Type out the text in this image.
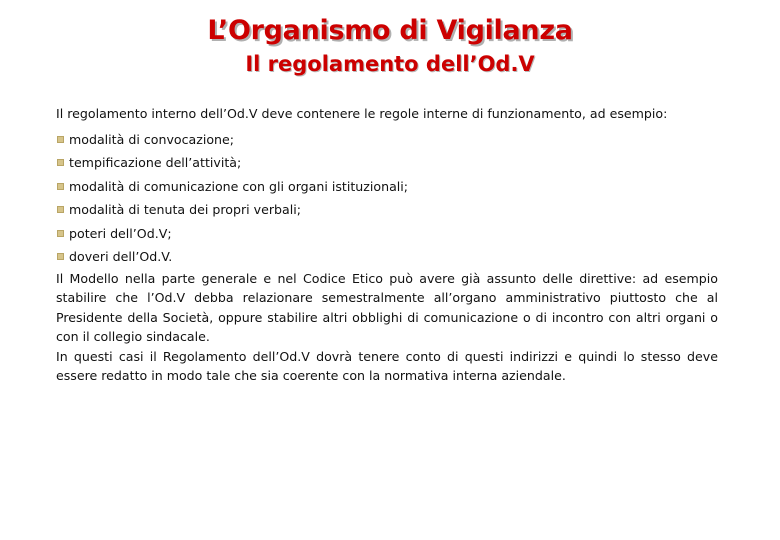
L’Organismo di Vigilanza
Il regolamento dell’Od.V

Il regolamento interno dell’Od.V deve contenere le regole interne di funzionamento, ad esempio:

modalità di convocazione;
tempificazione dell’attività;
modalità di comunicazione con gli organi istituzionali;
modalità di tenuta dei propri verbali;
poteri dell’Od.V;
doveri dell’Od.V.

Il Modello nella parte generale e nel Codice Etico può avere già assunto delle direttive: ad esempio stabilire che l’Od.V debba relazionare semestralmente all’organo amministrativo piuttosto che al Presidente della Società, oppure stabilire altri obblighi di comunicazione o di incontro con altri organi o con il collegio sindacale.

In questi casi il Regolamento dell’Od.V dovrà tenere conto di questi indirizzi e quindi lo stesso deve essere redatto in modo tale che sia coerente con la normativa interna aziendale.
